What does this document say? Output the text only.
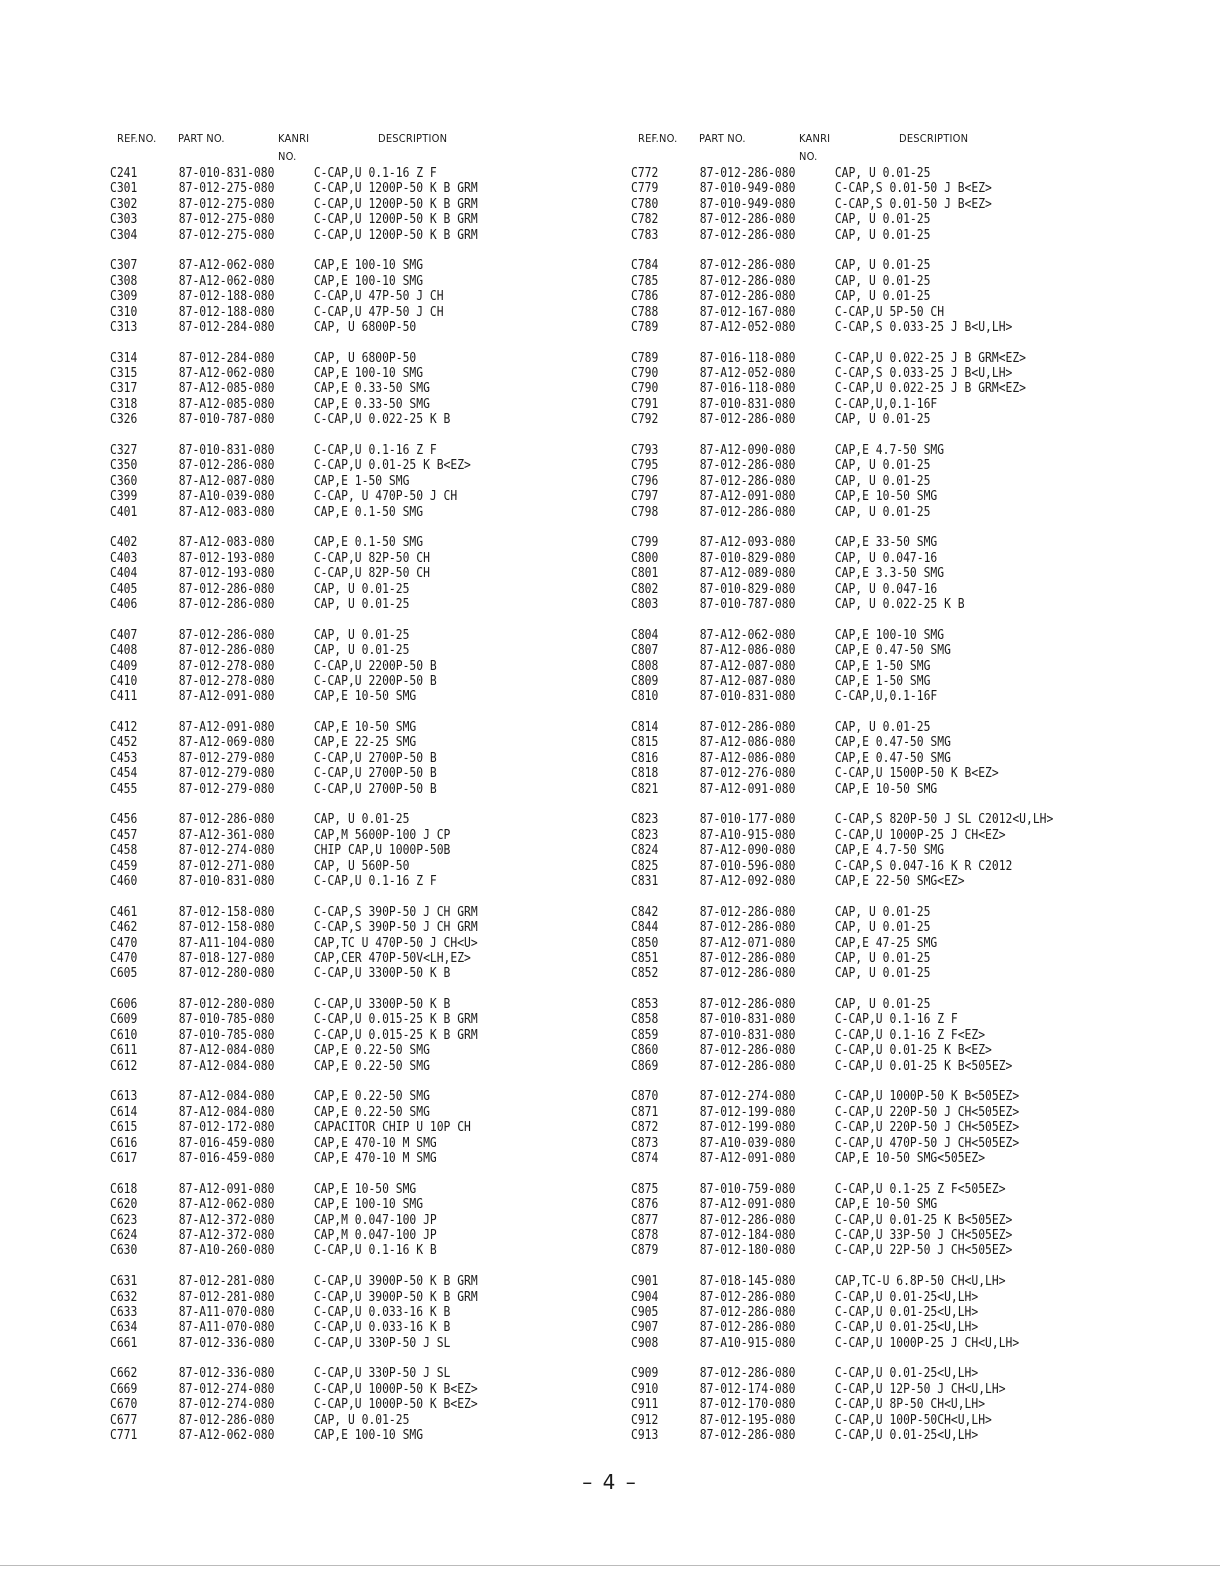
REF.NO. PART NO.	KANRI
NO.
DESCRIPTION
C241	87-010-831-080	C-CAP,U 0.1-16 Z F
C301	87-012-275-080	C-CAP,U 1200P-50 K B GRM
C302	87-012-275-080	C-CAP,U 1200P-50 K B GRM
C303	87-012-275-080	C-CAP,U 1200P-50 K B GRM
C304	87-012-275-080	C-CAP,U 1200P-50 K B GRM
C307	87-A12-062-080	CAP,E 100-10 SMG
C308	87-A12-062-080	CAP,E 100-10 SMG
C309	87-012-188-080	C-CAP,U 47P-50 J CH
C310	87-012-188-080	C-CAP,U 47P-50 J CH
C313	87-012-284-080	CAP, U 6800P-50
C314	87-012-284-080	CAP, U 6800P-50
C315	87-A12-062-080	CAP,E 100-10 SMG
C317	87-A12-085-080	CAP,E 0.33-50 SMG
C318	87-A12-085-080	CAP,E 0.33-50 SMG
C326	87-010-787-080	C-CAP,U 0.022-25 K B
C327	87-010-831-080	C-CAP,U 0.1-16 Z F
C350	87-012-286-080	C-CAP,U 0.01-25 K B<EZ>
C360	87-A12-087-080	CAP,E 1-50 SMG
C399	87-A10-039-080	C-CAP, U 470P-50 J CH
C401	87-A12-083-080	CAP,E 0.1-50 SMG
C402	87-A12-083-080	CAP,E 0.1-50 SMG
C403	87-012-193-080	C-CAP,U 82P-50 CH
C404	87-012-193-080	C-CAP,U 82P-50 CH
C405	87-012-286-080	CAP, U 0.01-25
C406	87-012-286-080	CAP, U 0.01-25
C407	87-012-286-080	CAP, U 0.01-25
C408	87-012-286-080	CAP, U 0.01-25
C409	87-012-278-080	C-CAP,U 2200P-50 B
C410	87-012-278-080	C-CAP,U 2200P-50 B
C411	87-A12-091-080	CAP,E 10-50 SMG
C412	87-A12-091-080	CAP,E 10-50 SMG
C452	87-A12-069-080	CAP,E 22-25 SMG
C453	87-012-279-080	C-CAP,U 2700P-50 B
C454	87-012-279-080	C-CAP,U 2700P-50 B
C455	87-012-279-080	C-CAP,U 2700P-50 B
C456	87-012-286-080	CAP, U 0.01-25
C457	87-A12-361-080	CAP,M 5600P-100 J CP
C458	87-012-274-080	CHIP CAP,U 1000P-50B
C459	87-012-271-080	CAP, U 560P-50
C460	87-010-831-080	C-CAP,U 0.1-16 Z F
C461	87-012-158-080	C-CAP,S 390P-50 J CH GRM
C462	87-012-158-080	C-CAP,S 390P-50 J CH GRM
C470	87-A11-104-080	CAP,TC U 470P-50 J CH<U>
C470	87-018-127-080	CAP,CER 470P-50V<LH,EZ>
C605	87-012-280-080	C-CAP,U 3300P-50 K B
C606	87-012-280-080	C-CAP,U 3300P-50 K B
C609	87-010-785-080	C-CAP,U 0.015-25 K B GRM
C610	87-010-785-080	C-CAP,U 0.015-25 K B GRM
C611	87-A12-084-080	CAP,E 0.22-50 SMG
C612	87-A12-084-080	CAP,E 0.22-50 SMG
C613	87-A12-084-080	CAP,E 0.22-50 SMG
C614	87-A12-084-080	CAP,E 0.22-50 SMG
C615	87-012-172-080	CAPACITOR CHIP U 10P CH
C616	87-016-459-080	CAP,E 470-10 M SMG
C617	87-016-459-080	CAP,E 470-10 M SMG
C618	87-A12-091-080	CAP,E 10-50 SMG
C620	87-A12-062-080	CAP,E 100-10 SMG
C623	87-A12-372-080	CAP,M 0.047-100 JP
C624	87-A12-372-080	CAP,M 0.047-100 JP
C630	87-A10-260-080	C-CAP,U 0.1-16 K B
C631	87-012-281-080	C-CAP,U 3900P-50 K B GRM
C632	87-012-281-080	C-CAP,U 3900P-50 K B GRM
C633	87-A11-070-080	C-CAP,U 0.033-16 K B
C634	87-A11-070-080	C-CAP,U 0.033-16 K B
C661	87-012-336-080	C-CAP,U 330P-50 J SL
C662	87-012-336-080	C-CAP,U 330P-50 J SL
C669	87-012-274-080	C-CAP,U 1000P-50 K B<EZ>
C670	87-012-274-080	C-CAP,U 1000P-50 K B<EZ>
C677	87-012-286-080	CAP, U 0.01-25
C771	87-A12-062-080	CAP,E 100-10 SMG
REF.NO. PART NO.	KANRI
NO.
DESCRIPTION
C772	87-012-286-080	CAP, U 0.01-25
C779	87-010-949-080	C-CAP,S 0.01-50 J B<EZ>
C780	87-010-949-080	C-CAP,S 0.01-50 J B<EZ>
C782	87-012-286-080	CAP, U 0.01-25
C783	87-012-286-080	CAP, U 0.01-25
C784	87-012-286-080	CAP, U 0.01-25
C785	87-012-286-080	CAP, U 0.01-25
C786	87-012-286-080	CAP, U 0.01-25
C788	87-012-167-080	C-CAP,U 5P-50 CH
C789	87-A12-052-080	C-CAP,S 0.033-25 J B<U,LH>
C789	87-016-118-080	C-CAP,U 0.022-25 J B GRM<EZ>
C790	87-A12-052-080	C-CAP,S 0.033-25 J B<U,LH>
C790	87-016-118-080	C-CAP,U 0.022-25 J B GRM<EZ>
C791	87-010-831-080	C-CAP,U,0.1-16F
C792	87-012-286-080	CAP, U 0.01-25
C793	87-A12-090-080	CAP,E 4.7-50 SMG
C795	87-012-286-080	CAP, U 0.01-25
C796	87-012-286-080	CAP, U 0.01-25
C797	87-A12-091-080	CAP,E 10-50 SMG
C798	87-012-286-080	CAP, U 0.01-25
C799	87-A12-093-080	CAP,E 33-50 SMG
C800	87-010-829-080	CAP, U 0.047-16
C801	87-A12-089-080	CAP,E 3.3-50 SMG
C802	87-010-829-080	CAP, U 0.047-16
C803	87-010-787-080	CAP, U 0.022-25 K B
C804	87-A12-062-080	CAP,E 100-10 SMG
C807	87-A12-086-080	CAP,E 0.47-50 SMG
C808	87-A12-087-080	CAP,E 1-50 SMG
C809	87-A12-087-080	CAP,E 1-50 SMG
C810	87-010-831-080	C-CAP,U,0.1-16F
C814	87-012-286-080	CAP, U 0.01-25
C815	87-A12-086-080	CAP,E 0.47-50 SMG
C816	87-A12-086-080	CAP,E 0.47-50 SMG
C818	87-012-276-080	C-CAP,U 1500P-50 K B<EZ>
C821	87-A12-091-080	CAP,E 10-50 SMG
C823	87-010-177-080	C-CAP,S 820P-50 J SL C2012<U,LH>
C823	87-A10-915-080	C-CAP,U 1000P-25 J CH<EZ>
C824	87-A12-090-080	CAP,E 4.7-50 SMG
C825	87-010-596-080	C-CAP,S 0.047-16 K R C2012
C831	87-A12-092-080	CAP,E 22-50 SMG<EZ>
C842	87-012-286-080	CAP, U 0.01-25
C844	87-012-286-080	CAP, U 0.01-25
C850	87-A12-071-080	CAP,E 47-25 SMG
C851	87-012-286-080	CAP, U 0.01-25
C852	87-012-286-080	CAP, U 0.01-25
C853	87-012-286-080	CAP, U 0.01-25
C858	87-010-831-080	C-CAP,U 0.1-16 Z F
C859	87-010-831-080	C-CAP,U 0.1-16 Z F<EZ>
C860	87-012-286-080	C-CAP,U 0.01-25 K B<EZ>
C869	87-012-286-080	C-CAP,U 0.01-25 K B<505EZ>
C870	87-012-274-080	C-CAP,U 1000P-50 K B<505EZ>
C871	87-012-199-080	C-CAP,U 220P-50 J CH<505EZ>
C872	87-012-199-080	C-CAP,U 220P-50 J CH<505EZ>
C873	87-A10-039-080	C-CAP,U 470P-50 J CH<505EZ>
C874	87-A12-091-080	CAP,E 10-50 SMG<505EZ>
C875	87-010-759-080	C-CAP,U 0.1-25 Z F<505EZ>
C876	87-A12-091-080	CAP,E 10-50 SMG
C877	87-012-286-080	C-CAP,U 0.01-25 K B<505EZ>
C878	87-012-184-080	C-CAP,U 33P-50 J CH<505EZ>
C879	87-012-180-080	C-CAP,U 22P-50 J CH<505EZ>
C901	87-018-145-080	CAP,TC-U 6.8P-50 CH<U,LH>
C904	87-012-286-080	C-CAP,U 0.01-25<U,LH>
C905	87-012-286-080	C-CAP,U 0.01-25<U,LH>
C907	87-012-286-080	C-CAP,U 0.01-25<U,LH>
C908	87-A10-915-080	C-CAP,U 1000P-25 J CH<U,LH>
C909	87-012-286-080	C-CAP,U 0.01-25<U,LH>
C910	87-012-174-080	C-CAP,U 12P-50 J CH<U,LH>
C911	87-012-170-080	C-CAP,U 8P-50 CH<U,LH>
C912	87-012-195-080	C-CAP,U 100P-50CH<U,LH>
C913	87-012-286-080	C-CAP,U 0.01-25<U,LH>
– 4 –
